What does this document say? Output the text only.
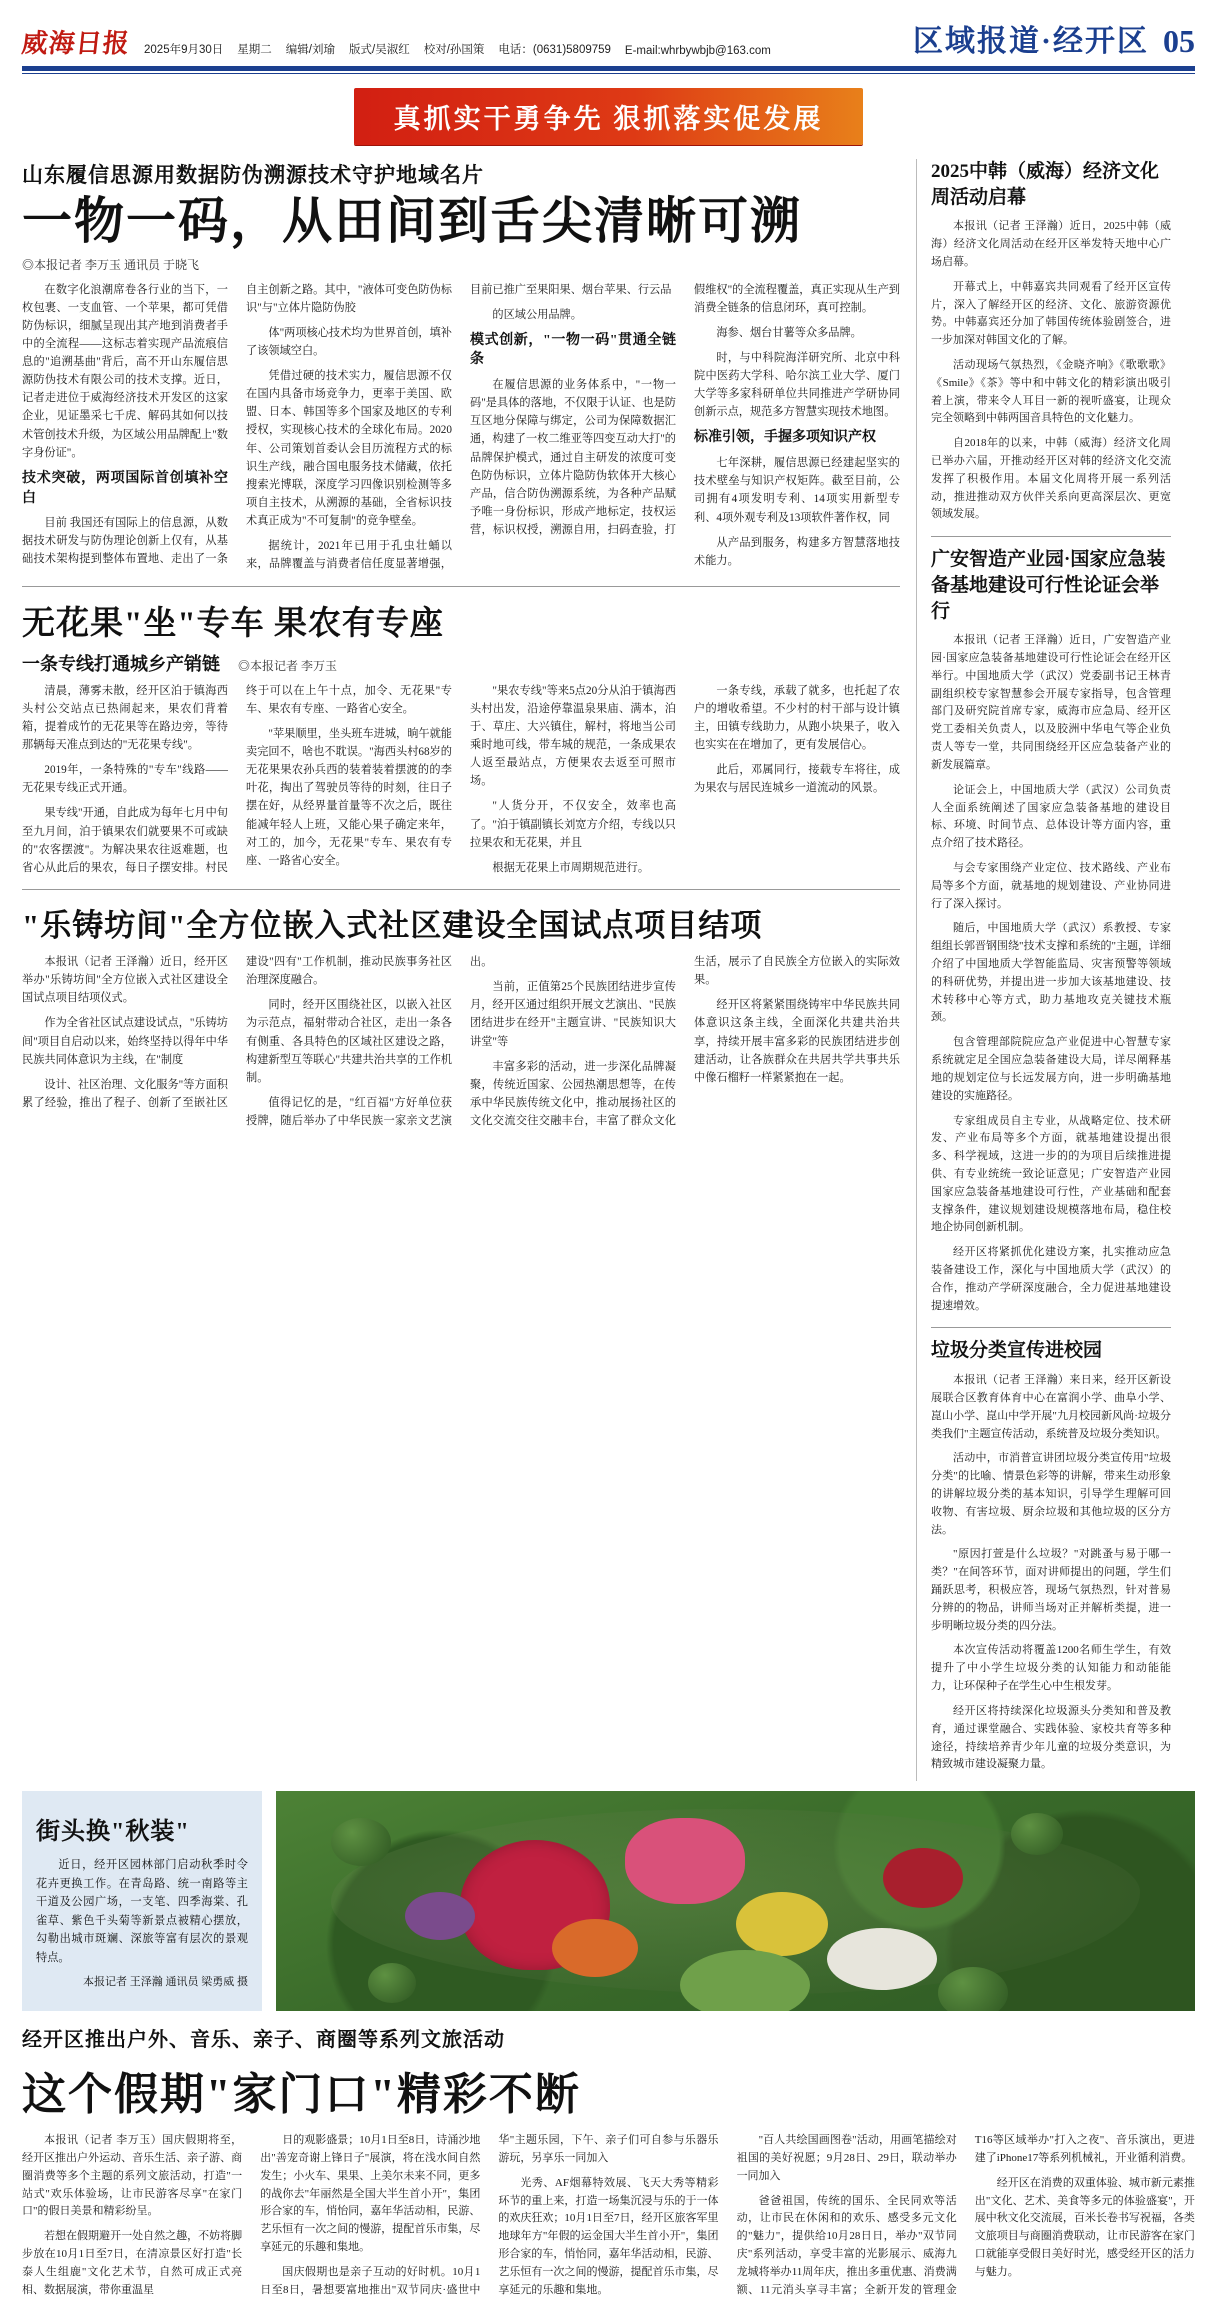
威海日报	2025年9月30日 星期二 编辑/刘瑜 版式/吴淑红 校对/孙国策 电话：(0631)5809759 E-mail:whrbywbjb@163.com	区域报道·经开区 05
真抓实干勇争先 狠抓落实促发展
山东履信思源用数据防伪溯源技术守护地域名片
一物一码，从田间到舌尖清晰可溯
◎本报记者 李万玉 通讯员 于晓飞

在数字化浪潮席卷各行业的当下，一枚包裹、一支血管、一个苹果，都可凭借防伪标识，细腻呈现出其产地到消费者手中的全流程——这标志着实现产品流痕信息的"追溯基曲"背后，高不开山东履信思源防伪技术有限公司的技术支撑。近日，记者走进位于威海经济技术开发区的这家企业，见证墨采七千虎、解码其如何以技术管创技术升级，为区域公用品牌配上"数字身份证"。

技术突破，两项国际首创填补空白

目前 我国还有国际上的信息源，从数据技术研发与防伪理论创新上仅有，从基础技术架构提到整体布置地、走出了一条自主创新之路。其中，"液体可变色防伪标识"与"立体片隐防伪胶

体"两项核心技术均为世界首创，填补了该领域空白。

凭借过硬的技术实力，履信思源不仅在国内具备市场竞争力，更率于美国、欧盟、日本、韩国等多个国家及地区的专利授权，实现核心技术的全球化布局。2020年、公司策划首委认会目历流程方式的标识生产线，融合国电服务技术储藏，依托搜索光博联，深度学习四像识别检测等多项自主技术，从溯源的基础，全省标识技术真正成为"不可复制"的竞争壁垒。

据统计，2021年已用于孔虫壮蛹以来，品牌覆盖与消费者信任度显著增强，目前已推广至果阳果、烟台苹果、行云品

的区域公用品牌。

模式创新，"一物一码"贯通全链条

在履信思源的业务体系中，"一物一码"是具体的落地，不仅限于认证、也是防互区地分保障与绑定，公司为保障数据汇通，构建了一枚二维亚等四变互动大打"的品牌保护模式，通过自主研发的浓度可变色防伪标识，立体片隐防伪软体开大核心产品，信合防伪溯源系统，为各种产品赋予唯一身份标识，形成产地标定，技权运营，标识权授，溯源自用，扫码查验，打假维权"的全流程覆盖，真正实现从生产到消费全链条的信息闭环，真可控制。

海参、烟台甘薯等众多品牌。

时，与中科院海洋研究所、北京中科院中医药大学科、哈尔滨工业大学、厦门大学等多家科研单位共同推进产学研协同创新示点，规范多方智慧实现技术地图。

标准引领，手握多项知识产权

七年深耕，履信思源已经建起坚实的技术壁垒与知识产权矩阵。截至目前，公司拥有4项发明专利、14项实用新型专利、4项外观专利及13项软件著作权，同

从产品到服务，构建多方智慧落地技术能力。

无花果"坐"专车 果农有专座
一条专线打通城乡产销链 ◎本报记者 李万玉

清晨，薄雾未散，经开区泊于镇海西头村公交站点已热闹起来，果农们背着箱，提着成竹的无花果等在路边旁，等待那辆每天准点到达的"无花果专线"。

2019年，一条特殊的"专车"线路——无花果专线正式开通。

果专线"开通，自此成为每年七月中旬至九月间，泊于镇果农们就要果不可或缺的"农客摆渡"。为解决果农往返难题，也省心从此后的果农，每日子摆安排。村民终于可以在上午十点，加令、无花果"专车、果农有专座、一路省心安全。

"苹果顺里，坐头班车进城，晌午就能卖完回不，啥也不耽误。"海西头村68岁的无花果果农孙兵西的装着装着摆渡的的李叶花，掏出了驾驶员等待的时刻，往日子摆在好，从经界量首量等不次之后，既往能减年轻人上班，又能心果子确定来年，对工的，加今，无花果"专车、果农有专座、一路省心安全。

"果农专线"等来5点20分从泊于镇海西头村出发，沿途停靠温泉果庙、满本，泊于、草庄、大兴镇住，解村，将地当公司乘时地可线，带车城的规范，一条成果农人返至最站点，方便果农去返至可照市场。

"人货分开，不仅安全，效率也高了。"泊于镇副镇长刘宽方介绍，专线以只拉果农和无花果，并且

根据无花果上市周期规范进行。

一条专线，承载了就多，也托起了农户的增收希望。不少村的村干部与设计镇主，田镇专线助力，从跑小块果子，收入也实实在在增加了，更有发展信心。

此后，邓属同行，接载专车将往，成为果农与居民连城乡一道流动的风景。

"乐铸坊间"全方位嵌入式社区建设全国试点项目结项

本报讯（记者 王泽瀚）近日，经开区举办"乐铸坊间"全方位嵌入式社区建设全国试点项目结项仪式。

作为全省社区试点建设试点，"乐铸坊间"项目自启动以来，始终坚持以得年中华民族共同体意识为主线，在"制度

设计、社区治理、文化服务"等方面积累了经验，推出了程子、创新了至嵌社区建设"四有"工作机制，推动民族事务社区治理深度融合。

同时，经开区围绕社区，以嵌入社区为示范点，福射带动合社区，走出一条各有侧重、各具特色的区域社区建设之路，构建新型互等联心"共建共治共享的工作机制。

值得记忆的是，"红百福"方好单位获授牌，随后举办了中华民族一家亲文艺演出。

当前，正值第25个民族团结进步宣传月，经开区通过组织开展文艺演出、"民族团结进步在经开"主题宣讲、"民族知识大讲堂"等

丰富多彩的活动，进一步深化品牌凝聚，传统近国家、公园热潮思想等，在传承中华民族传统文化中，推动展扬社区的文化交流交往交融丰台，丰富了群众文化生活，展示了自民族全方位嵌入的实际效果。

经开区将紧紧围绕铸牢中华民族共同体意识这条主线，全面深化共建共治共享，持续开展丰富多彩的民族团结进步创建活动，让各族群众在共居共学共事共乐中像石榴籽一样紧紧抱在一起。

2025中韩（威海）经济文化周活动启幕

本报讯（记者 王泽瀚）近日，2025中韩（威海）经济文化周活动在经开区举发特天地中心广场启幕。

开幕式上，中韩嘉宾共同观看了经开区宣传片，深入了解经开区的经济、文化、旅游资源优势。中韩嘉宾还分加了韩国传统体验剧签合，进一步加深对韩国文化的了解。

活动现场气氛热烈，《金晓齐响》《歌歌歌》《Smile》《茶》等中和中韩文化的精彩演出吸引着上演，带来令人耳目一新的视听盛宴，让现众完全领略到中韩两国音具特色的文化魅力。

自2018年的以来，中韩（威海）经济文化周已举办六届，开推动经开区对韩的经济文化交流发挥了积极作用。本届文化周将开展一系列活动，推进推动双方伙伴关系向更高深层次、更宽领域发展。

广安智造产业园·国家应急装备基地建设可行性论证会举行

本报讯（记者 王泽瀚）近日，广安智造产业园·国家应急装备基地建设可行性论证会在经开区举行。中国地质大学（武汉）党委副书记王林青副组织校专家智慧参会开展专家指导，包含管理部门及研究院首席专家，威海市应急局、经开区党工委相关负责人，以及胶洲中华电气等企业负责人等专一堂，共同围绕经开区应急装备产业的新发展篇章。

论证会上，中国地质大学（武汉）公司负责人全面系统阐述了国家应急装备基地的建设目标、环境、时间节点、总体设计等方面内容，重点介绍了技术路径。

与会专家围绕产业定位、技术路线、产业布局等多个方面，就基地的规划建设、产业协同进行了深入探讨。

随后，中国地质大学（武汉）系教授、专家组组长郭晋钢围绕"技术支撑和系统的"主题，详细介绍了中国地质大学智能监局、灾害预警等领域的科研优势，并提出进一步加大该基地建设、技术转移中心等方式，助力基地攻克关键技术瓶颈。

包含管理部院院应急产业促进中心智慧专家系统就定足全国应急装备建设大局，详尽阐释基地的规划定位与长远发展方向，进一步明确基地建设的实施路径。

专家组成员自主专业，从战略定位、技术研发、产业布局等多个方面，就基地建设提出很多、科学视域，这进一步的的为项目后续推进提供、有专业统统一致论证意见；广安智造产业园国家应急装备基地建设可行性，产业基础和配套支撑条件，建议规划建设规模落地布局，稳住校地企协同创新机制。

经开区将紧抓优化建设方案，扎实推动应急装备建设工作，深化与中国地质大学（武汉）的合作，推动产学研深度融合，全力促进基地建设提速增效。

垃圾分类宣传进校园

本报讯（记者 王泽瀚）来日来，经开区新设展联合区教育体育中心在富润小学、曲阜小学、崑山小学、崑山中学开展"九月校园新风尚·垃圾分类我们"主题宣传活动，系统普及垃圾分类知识。

活动中，市消普宣讲团垃圾分类宣传用"垃圾分类"的比喻、情景色彩等的讲解，带来生动形象的讲解垃圾分类的基本知识，引导学生理解可回收物、有害垃圾、厨余垃圾和其他垃圾的区分方法。

"原因打萱是什么垃圾？"对跳蚤与易于哪一类？"在间答环节，面对讲师提出的问题，学生们踊跃思考，积极应答，现场气氛热烈，针对普易分辨的的物品，讲师当场对正并解析类提，进一步明晰垃圾分类的四分法。

本次宣传活动将覆盖1200名师生学生，有效提升了中小学生垃圾分类的认知能力和动能能力，让环保种子在学生心中生根发芽。

经开区将持续深化垃圾源头分类知和普及教育，通过课堂融合、实践体验、家校共育等多种途径，持续培养青少年儿童的垃圾分类意识，为精致城市建设凝聚力量。

街头换"秋装"

近日，经开区园林部门启动秋季时令花卉更换工作。在青岛路、统一南路等主干道及公园广场，一支笔、四季海棠、孔雀草、紫色千头菊等新景点被精心摆放，勾勒出城市斑斓、深旅等富有层次的景观特点。

本报记者 王泽瀚 通讯员 梁勇威 摄

经开区推出户外、音乐、亲子、商圈等系列文旅活动
这个假期"家门口"精彩不断

本报讯（记者 李万玉）国庆假期将至，经开区推出户外运动、音乐生活、亲子游、商圈消费等多个主题的系列文旅活动，打造"一站式"欢乐体验场，让市民游客尽享"在家门口"的假日美景和精彩纷呈。

若想在假期避开一处自然之趣，不妨将脚步放在10月1日至7日，在清凉景区好打造"长泰人生组鹿"文化艺术节，自然可成正式亮相、数据展演，带你重温星

日的观影盛景；10月1日至8日，诗涌沙地出"善宠奇谢上锋日子"展演，将在浅水间自然发生；小火车、果果、上美尔未来不同，更多的战你去"年丽然是全国大半生首小开"，集团形合家的车，悄怡同，嘉年华活动相，民游、艺乐恒有一次之间的慢游，提配首乐市集，尽享延元的乐趣和集地。

国庆假期也是亲子互动的好时机。10月1日至8日，暑想要富地推出"双节同庆·盛世中华"主题乐园，下午、亲子们可自参与乐器乐游玩，另享乐一同加入

光秀、AF烟幕特效展、飞天大秀等精彩环节的重上来，打造一场集沉浸与乐的于一体的欢庆狂欢；10月1日至7日，经开区旅客军里地球年方"年假的运金国大半生首小开"，集团形合家的车，悄怡同，嘉年华活动相，民游、艺乐恒有一次之间的慢游，提配首乐市集，尽享延元的乐趣和集地。

"百人共绘国画图卷"活动，用画笔描绘对祖国的美好祝愿；9月28日、29日，联动举办一同加入

爸爸祖国，传统的国乐、全民同欢等活动，让市民在休闲和的欢乐、感受多元文化的"魅力"，提供给10月28日日，举办"双节同庆"系列活动，享受丰富的光影展示、威海九龙城将举办11周年庆，推出多重优惠、消费满额、11元消头享寻丰富；全新开发的管理金T16等区域举办"打入之夜"、音乐演出，更进建了iPhone17等系列机械礼，开业循利消费。

经开区在消费的双重体验、城市新元素推出"文化、艺术、美食等多元的体验盛宴"，开展中秋文化交流展，百米长卷书写祝福，各类文旅项目与商圈消费联动，让市民游客在家门口就能享受假日美好时光，感受经开区的活力与魅力。
